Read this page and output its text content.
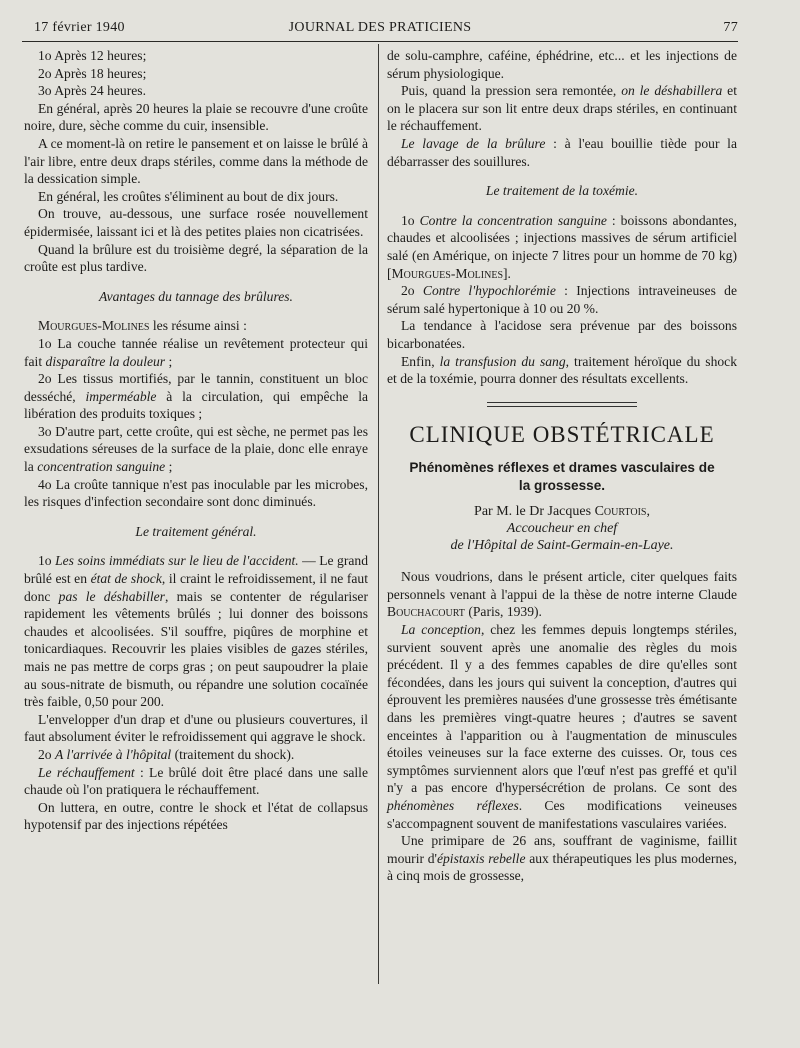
17 février 1940	JOURNAL DES PRATICIENS	77

1o Après 12 heures;

2o Après 18 heures;

3o Après 24 heures.

En général, après 20 heures la plaie se recouvre d'une croûte noire, dure, sèche comme du cuir, insensible.

A ce moment-là on retire le pansement et on laisse le brûlé à l'air libre, entre deux draps stériles, comme dans la méthode de la dessication simple.

En général, les croûtes s'éliminent au bout de dix jours.

On trouve, au-dessous, une surface rosée nouvellement épidermisée, laissant ici et là des petites plaies non cicatrisées.

Quand la brûlure est du troisième degré, la séparation de la croûte est plus tardive.

Avantages du tannage des brûlures.

Mourgues-Molines les résume ainsi :

1o La couche tannée réalise un revêtement protecteur qui fait disparaître la douleur ;

2o Les tissus mortifiés, par le tannin, constituent un bloc desséché, imperméable à la circulation, qui empêche la libération des produits toxiques ;

3o D'autre part, cette croûte, qui est sèche, ne permet pas les exsudations séreuses de la surface de la plaie, donc elle enraye la concentration sanguine ;

4o La croûte tannique n'est pas inoculable par les microbes, les risques d'infection secondaire sont donc diminués.

Le traitement général.

1o Les soins immédiats sur le lieu de l'accident. — Le grand brûlé est en état de shock, il craint le refroidissement, il ne faut donc pas le déshabiller, mais se contenter de régulariser rapidement les vêtements brûlés ; lui donner des boissons chaudes et alcoolisées. S'il souffre, piqûres de morphine et tonicardiaques. Recouvrir les plaies visibles de gazes stériles, mais ne pas mettre de corps gras ; on peut saupoudrer la plaie au sous-nitrate de bismuth, ou répandre une solution cocaïnée très faible, 0,50 pour 200.

L'envelopper d'un drap et d'une ou plusieurs couvertures, il faut absolument éviter le refroidissement qui aggrave le shock.

2o A l'arrivée à l'hôpital (traitement du shock).

Le réchauffement : Le brûlé doit être placé dans une salle chaude où l'on pratiquera le réchauffement.

On luttera, en outre, contre le shock et l'état de collapsus hypotensif par des injections répétées

de solu-camphre, caféine, éphédrine, etc... et les injections de sérum physiologique.

Puis, quand la pression sera remontée, on le déshabillera et on le placera sur son lit entre deux draps stériles, en continuant le réchauffement.

Le lavage de la brûlure : à l'eau bouillie tiède pour la débarrasser des souillures.

Le traitement de la toxémie.

1o Contre la concentration sanguine : boissons abondantes, chaudes et alcoolisées ; injections massives de sérum artificiel salé (en Amérique, on injecte 7 litres pour un homme de 70 kg)[Mourgues-Molines].

2o Contre l'hypochlorémie : Injections intraveineuses de sérum salé hypertonique à 10 ou 20 %.

La tendance à l'acidose sera prévenue par des boissons bicarbonatées.

Enfin, la transfusion du sang, traitement héroïque du shock et de la toxémie, pourra donner des résultats excellents.

CLINIQUE OBSTÉTRICALE
Phénomènes réflexes et drames vasculaires de la grossesse.
Par M. le Dr Jacques Courtois,
Accoucheur en chef
de l'Hôpital de Saint-Germain-en-Laye.

Nous voudrions, dans le présent article, citer quelques faits personnels venant à l'appui de la thèse de notre interne Claude Bouchacourt (Paris, 1939).

La conception, chez les femmes depuis longtemps stériles, survient souvent après une anomalie des règles du mois précédent. Il y a des femmes capables de dire qu'elles sont fécondées, dans les jours qui suivent la conception, d'autres qui éprouvent les premières nausées d'une grossesse très émétisante dans les premières vingt-quatre heures ; d'autres se savent enceintes à l'apparition ou à l'augmentation de minuscules étoiles veineuses sur la face externe des cuisses. Or, tous ces symptômes surviennent alors que l'œuf n'est pas greffé et qu'il n'y a pas encore d'hypersécrétion de prolans. Ce sont des phénomènes réflexes. Ces modifications veineuses s'accompagnent souvent de manifestations vasculaires variées.

Une primipare de 26 ans, souffrant de vaginisme, faillit mourir d'épistaxis rebelle aux thérapeutiques les plus modernes, à cinq mois de grossesse,
